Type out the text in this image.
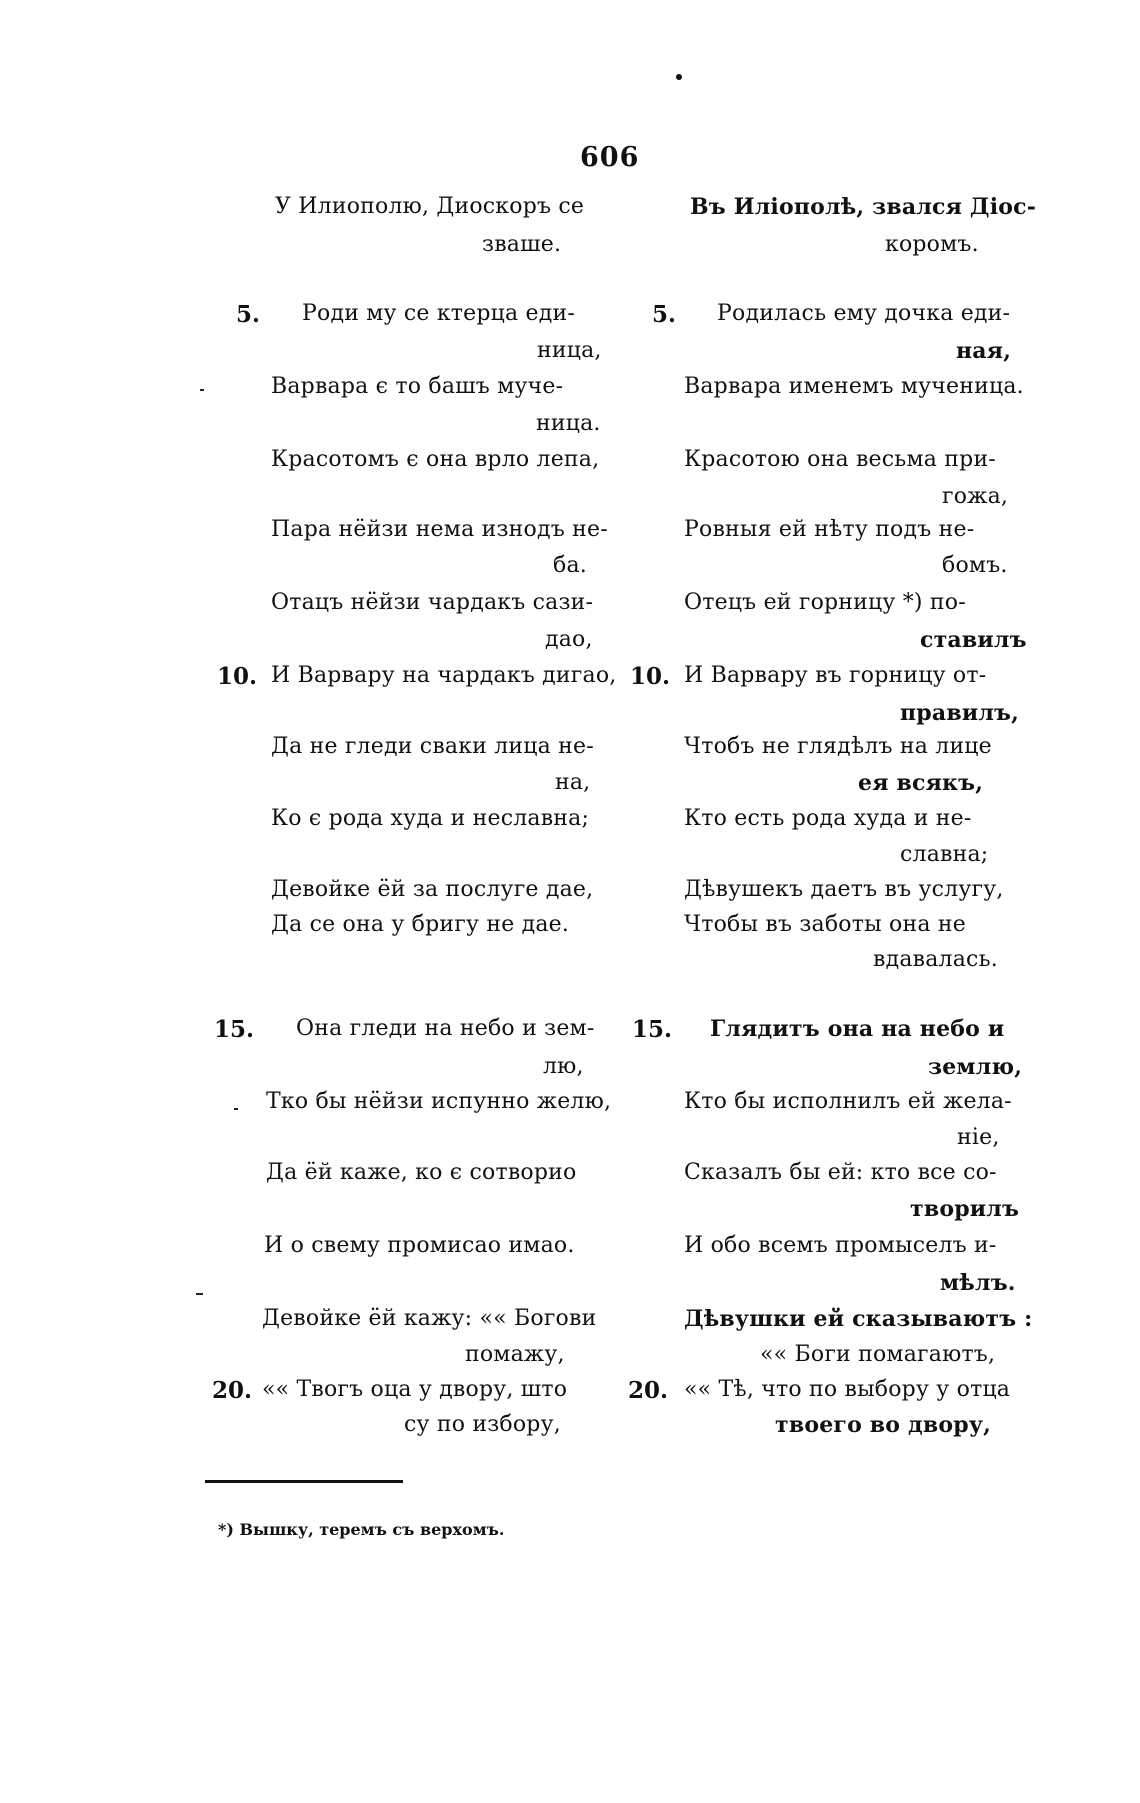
606

У Илиополю, Диоскоръ се

зваше.

5. Роди му се ктерца еди-

ница,

Варвара є то башъ муче-

ница.

Красотомъ є она врло лепа,

Пара нёйзи нема изнодъ не-

ба.

Отацъ нёйзи чардакъ сази-

дао,

10. И Варвару на чардакъ дигао,

Да не гледи сваки лица не-

на,

Ко є рода худа и неславна;

Девойке ёй за послуге дае,

Да се она у бригу не дае.

15. Она гледи на небо и зем-

лю,

Тко бы нёйзи испунно желю,

Да ёй каже, ко є сотворио

И о свему промисао имао.

Девойке ёй кажу: «« Богови

помажу,

20. «« Твогъ оца у двору, што

су по избору,

Въ Иліополѣ, звался Діос-

коромъ.

5. Родилась ему дочка еди-

ная,

Варвара именемъ мученица.

Красотою она весьма при-

гожа,

Ровныя ей нѣту подъ не-

бомъ.

Отецъ ей горницу *) по-

ставилъ

10. И Варвару въ горницу от-

правилъ,

Чтобъ не глядѣлъ на лице

ея всякъ,

Кто есть рода худа и не-

славна;

Дѣвушекъ даетъ въ услугу,

Чтобы въ заботы она не

вдавалась.

15. Глядитъ она на небо и

землю,

Кто бы исполнилъ ей жела-

ніе,

Сказалъ бы ей: кто все со-

творилъ

И обо всемъ промыселъ и-

мѣлъ.

Дѣвушки ей сказываютъ :

«« Боги помагаютъ,

20. «« Тѣ, что по выбору у отца

твоего во двору,

*) Вышку, теремъ съ верхомъ.
